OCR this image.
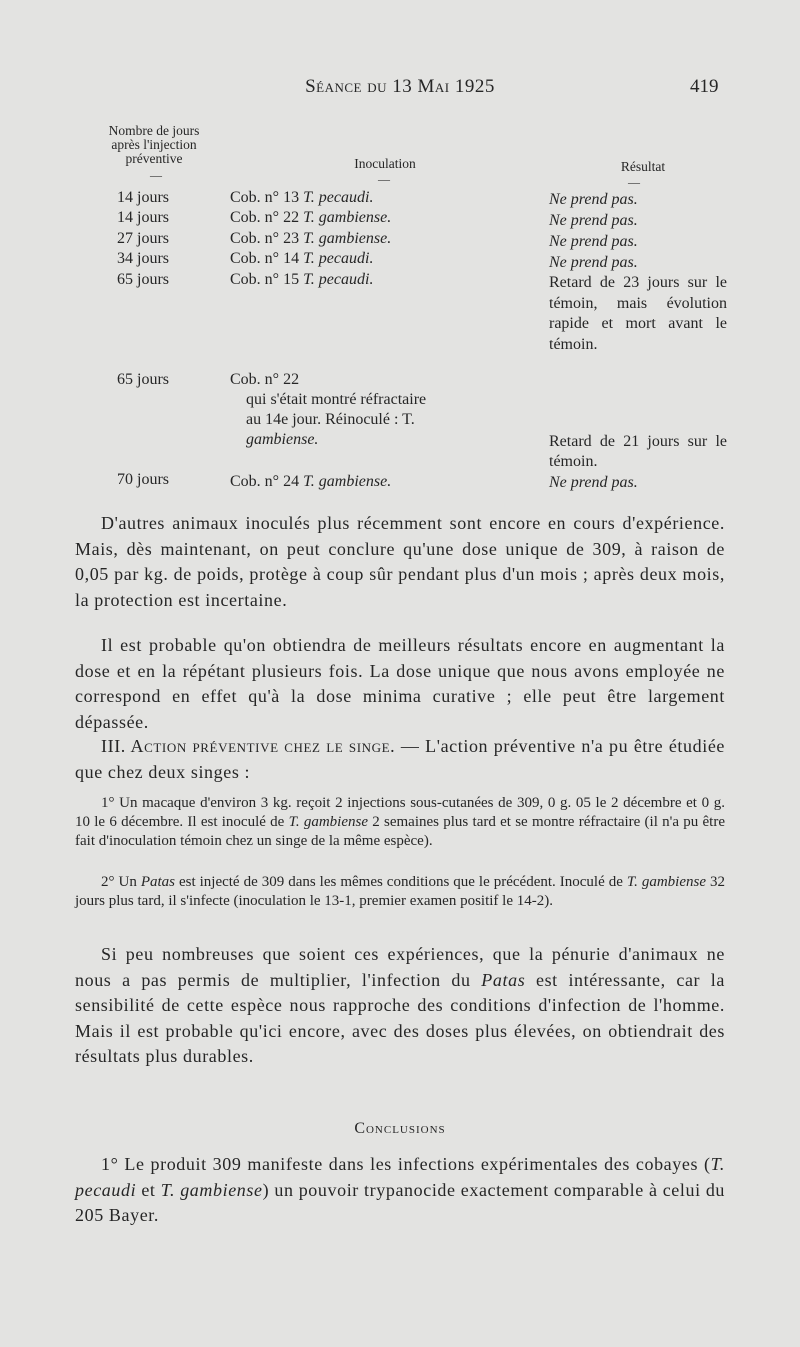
Séance du 13 Mai 1925	419
Nombre de jours
après l'injection
préventive
—
Inoculation
—
Résultat
—
14 jours	Cob. n° 13 T. pecaudi.	Ne prend pas.
14 jours	Cob. n° 22 T. gambiense.	Ne prend pas.
27 jours	Cob. n° 23 T. gambiense.	Ne prend pas.
34 jours	Cob. n° 14 T. pecaudi.	Ne prend pas.
65 jours	Cob. n° 15 T. pecaudi.	Retard de 23 jours sur le témoin, mais évolution rapide et mort avant le témoin.
65 jours	Cob. n° 22
qui s'était montré réfractaire
au 14e jour. Réinoculé : T.
gambiense.	Retard de 21 jours sur le témoin.
70 jours	Cob. n° 24 T. gambiense.	Ne prend pas.
D'autres animaux inoculés plus récemment sont encore en cours d'expérience. Mais, dès maintenant, on peut conclure qu'une dose unique de 309, à raison de 0,05 par kg. de poids, protège à coup sûr pendant plus d'un mois ; après deux mois, la protection est incertaine.
Il est probable qu'on obtiendra de meilleurs résultats encore en augmentant la dose et en la répétant plusieurs fois. La dose unique que nous avons employée ne correspond en effet qu'à la dose minima curative ; elle peut être largement dépassée.
III. Action préventive chez le singe. — L'action préventive n'a pu être étudiée que chez deux singes :
1° Un macaque d'environ 3 kg. reçoit 2 injections sous-cutanées de 309, 0 g. 05 le 2 décembre et 0 g. 10 le 6 décembre. Il est inoculé de T. gambiense 2 semaines plus tard et se montre réfractaire (il n'a pu être fait d'inoculation témoin chez un singe de la même espèce).
2° Un Patas est injecté de 309 dans les mêmes conditions que le précédent. Inoculé de T. gambiense 32 jours plus tard, il s'infecte (inoculation le 13-1, premier examen positif le 14-2).
Si peu nombreuses que soient ces expériences, que la pénurie d'animaux ne nous a pas permis de multiplier, l'infection du Patas est intéressante, car la sensibilité de cette espèce nous rapproche des conditions d'infection de l'homme. Mais il est probable qu'ici encore, avec des doses plus élevées, on obtiendrait des résultats plus durables.
Conclusions
1° Le produit 309 manifeste dans les infections expérimentales des cobayes (T. pecaudi et T. gambiense) un pouvoir trypanocide exactement comparable à celui du 205 Bayer.
